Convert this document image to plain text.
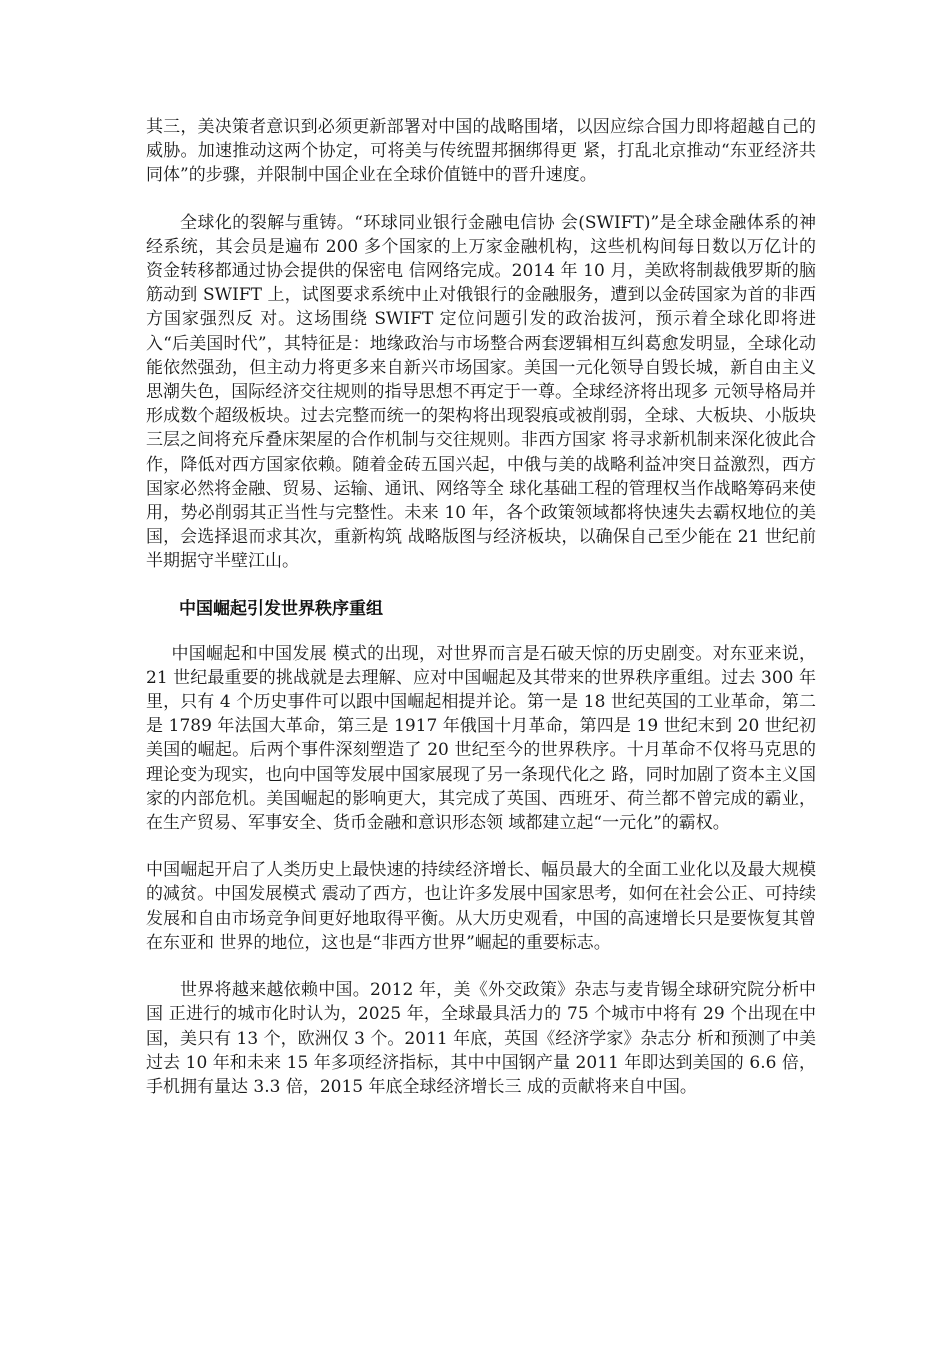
其三，美决策者意识到必须更新部署对中国的战略围堵，以因应综合国力即将超越自己的威胁。加速推动这两个协定，可将美与传统盟邦捆绑得更 紧，打乱北京推动“东亚经济共同体”的步骤，并限制中国企业在全球价值链中的晋升速度。

全球化的裂解与重铸。“环球同业银行金融电信协 会(SWIFT)”是全球金融体系的神经系统，其会员是遍布 200 多个国家的上万家金融机构，这些机构间每日数以万亿计的资金转移都通过协会提供的保密电 信网络完成。2014 年 10 月，美欧将制裁俄罗斯的脑筋动到 SWIFT 上，试图要求系统中止对俄银行的金融服务，遭到以金砖国家为首的非西方国家强烈反 对。这场围绕 SWIFT 定位问题引发的政治拔河，预示着全球化即将进入“后美国时代”，其特征是：地缘政治与市场整合两套逻辑相互纠葛愈发明显，全球化动 能依然强劲，但主动力将更多来自新兴市场国家。美国一元化领导自毁长城，新自由主义思潮失色，国际经济交往规则的指导思想不再定于一尊。全球经济将出现多 元领导格局并形成数个超级板块。过去完整而统一的架构将出现裂痕或被削弱，全球、大板块、小版块三层之间将充斥叠床架屋的合作机制与交往规则。非西方国家 将寻求新机制来深化彼此合作，降低对西方国家依赖。随着金砖五国兴起，中俄与美的战略利益冲突日益激烈，西方国家必然将金融、贸易、运输、通讯、网络等全 球化基础工程的管理权当作战略筹码来使用，势必削弱其正当性与完整性。未来 10 年，各个政策领域都将快速失去霸权地位的美国，会选择退而求其次，重新构筑 战略版图与经济板块，以确保自己至少能在 21 世纪前半期据守半壁江山。

中国崛起引发世界秩序重组

中国崛起和中国发展 模式的出现，对世界而言是石破天惊的历史剧变。对东亚来说，21 世纪最重要的挑战就是去理解、应对中国崛起及其带来的世界秩序重组。过去 300 年里，只有 4 个历史事件可以跟中国崛起相提并论。第一是 18 世纪英国的工业革命，第二是 1789 年法国大革命，第三是 1917 年俄国十月革命，第四是 19 世纪末到 20 世纪初美国的崛起。后两个事件深刻塑造了 20 世纪至今的世界秩序。十月革命不仅将马克思的理论变为现实，也向中国等发展中国家展现了另一条现代化之 路，同时加剧了资本主义国家的内部危机。美国崛起的影响更大，其完成了英国、西班牙、荷兰都不曾完成的霸业，在生产贸易、军事安全、货币金融和意识形态领 域都建立起“一元化”的霸权。

中国崛起开启了人类历史上最快速的持续经济增长、幅员最大的全面工业化以及最大规模的减贫。中国发展模式 震动了西方，也让许多发展中国家思考，如何在社会公正、可持续发展和自由市场竞争间更好地取得平衡。从大历史观看，中国的高速增长只是要恢复其曾在东亚和 世界的地位，这也是“非西方世界”崛起的重要标志。

世界将越来越依赖中国。2012 年，美《外交政策》杂志与麦肯锡全球研究院分析中国 正进行的城市化时认为，2025 年，全球最具活力的 75 个城市中将有 29 个出现在中国，美只有 13 个，欧洲仅 3 个。2011 年底，英国《经济学家》杂志分 析和预测了中美过去 10 年和未来 15 年多项经济指标，其中中国钢产量 2011 年即达到美国的 6.6 倍，手机拥有量达 3.3 倍，2015 年底全球经济增长三 成的贡献将来自中国。
